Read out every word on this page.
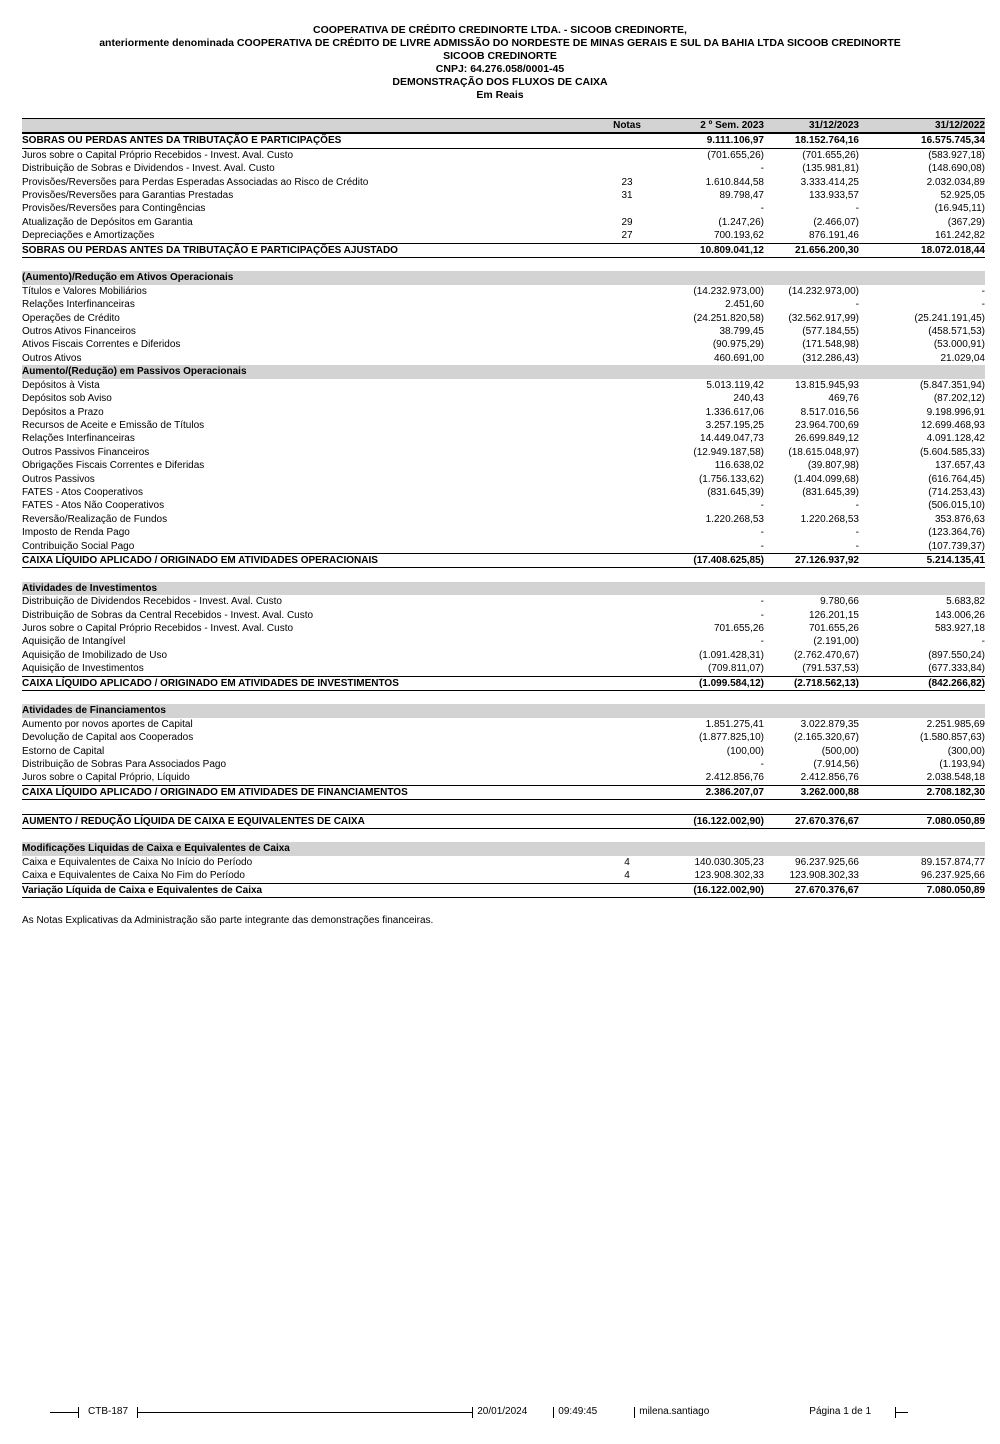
COOPERATIVA DE CRÉDITO CREDINORTE LTDA. - SICOOB CREDINORTE,
anteriormente denominada COOPERATIVA DE CRÉDITO DE LIVRE ADMISSÃO DO NORDESTE DE MINAS GERAIS E SUL DA BAHIA LTDA SICOOB CREDINORTE
SICOOB CREDINORTE
CNPJ: 64.276.058/0001-45
DEMONSTRAÇÃO DOS FLUXOS DE CAIXA
Em Reais
Notas	2 º Sem. 2023	31/12/2023	31/12/2022
SOBRAS OU PERDAS ANTES DA TRIBUTAÇÃO E PARTICIPAÇÕES	9.111.106,97	18.152.764,16	16.575.745,34
Juros sobre o Capital Próprio Recebidos - Invest. Aval. Custo	(701.655,26)	(701.655,26)	(583.927,18)
Distribuição de Sobras e Dividendos - Invest. Aval. Custo	-	(135.981,81)	(148.690,08)
Provisões/Reversões para Perdas Esperadas Associadas ao Risco de Crédito	23	1.610.844,58	3.333.414,25	2.032.034,89
Provisões/Reversões para Garantias Prestadas	31	89.798,47	133.933,57	52.925,05
Provisões/Reversões para Contingências	-	-	(16.945,11)
Atualização de Depósitos em Garantia	29	(1.247,26)	(2.466,07)	(367,29)
Depreciações e Amortizações	27	700.193,62	876.191,46	161.242,82
SOBRAS OU PERDAS ANTES DA TRIBUTAÇÃO E PARTICIPAÇÕES AJUSTADO	10.809.041,12	21.656.200,30	18.072.018,44
(Aumento)/Redução em Ativos Operacionais
Títulos e Valores Mobiliários	(14.232.973,00)	(14.232.973,00)	-
Relações Interfinanceiras	2.451,60	-	-
Operações de Crédito	(24.251.820,58)	(32.562.917,99)	(25.241.191,45)
Outros Ativos Financeiros	38.799,45	(577.184,55)	(458.571,53)
Ativos Fiscais Correntes e Diferidos	(90.975,29)	(171.548,98)	(53.000,91)
Outros Ativos	460.691,00	(312.286,43)	21.029,04
Aumento/(Redução) em Passivos Operacionais
Depósitos à Vista	5.013.119,42	13.815.945,93	(5.847.351,94)
Depósitos sob Aviso	240,43	469,76	(87.202,12)
Depósitos a Prazo	1.336.617,06	8.517.016,56	9.198.996,91
Recursos de Aceite e Emissão de Títulos	3.257.195,25	23.964.700,69	12.699.468,93
Relações Interfinanceiras	14.449.047,73	26.699.849,12	4.091.128,42
Outros Passivos Financeiros	(12.949.187,58)	(18.615.048,97)	(5.604.585,33)
Obrigações Fiscais Correntes e Diferidas	116.638,02	(39.807,98)	137.657,43
Outros Passivos	(1.756.133,62)	(1.404.099,68)	(616.764,45)
FATES - Atos Cooperativos	(831.645,39)	(831.645,39)	(714.253,43)
FATES - Atos Não Cooperativos	-	-	(506.015,10)
Reversão/Realização de Fundos	1.220.268,53	1.220.268,53	353.876,63
Imposto de Renda Pago	-	-	(123.364,76)
Contribuição Social Pago	-	-	(107.739,37)
CAIXA LÍQUIDO APLICADO / ORIGINADO EM ATIVIDADES OPERACIONAIS	(17.408.625,85)	27.126.937,92	5.214.135,41
Atividades de Investimentos
Distribuição de Dividendos Recebidos - Invest. Aval. Custo	-	9.780,66	5.683,82
Distribuição de Sobras da Central Recebidos - Invest. Aval. Custo	-	126.201,15	143.006,26
Juros sobre o Capital Próprio Recebidos - Invest. Aval. Custo	701.655,26	701.655,26	583.927,18
Aquisição de Intangível	-	(2.191,00)	-
Aquisição de Imobilizado de Uso	(1.091.428,31)	(2.762.470,67)	(897.550,24)
Aquisição de Investimentos	(709.811,07)	(791.537,53)	(677.333,84)
CAIXA LÍQUIDO APLICADO / ORIGINADO EM ATIVIDADES DE INVESTIMENTOS	(1.099.584,12)	(2.718.562,13)	(842.266,82)
Atividades de Financiamentos
Aumento por novos aportes de Capital	1.851.275,41	3.022.879,35	2.251.985,69
Devolução de Capital aos Cooperados	(1.877.825,10)	(2.165.320,67)	(1.580.857,63)
Estorno de Capital	(100,00)	(500,00)	(300,00)
Distribuição de Sobras Para Associados Pago	-	(7.914,56)	(1.193,94)
Juros sobre o Capital Próprio, Líquido	2.412.856,76	2.412.856,76	2.038.548,18
CAIXA LÍQUIDO APLICADO / ORIGINADO EM ATIVIDADES DE FINANCIAMENTOS	2.386.207,07	3.262.000,88	2.708.182,30
AUMENTO / REDUÇÃO LÍQUIDA DE CAIXA E EQUIVALENTES DE CAIXA	(16.122.002,90)	27.670.376,67	7.080.050,89
Modificações Liquidas de Caixa e Equivalentes de Caixa
Caixa e Equivalentes de Caixa No Início do Período	4	140.030.305,23	96.237.925,66	89.157.874,77
Caixa e Equivalentes de Caixa No Fim do Período	4	123.908.302,33	123.908.302,33	96.237.925,66
Variação Líquida de Caixa e Equivalentes de Caixa	(16.122.002,90)	27.670.376,67	7.080.050,89
As Notas Explicativas da Administração são parte integrante das demonstrações financeiras.
CTB-187	20/01/2024	09:49:45	milena.santiago	Página 1 de 1
